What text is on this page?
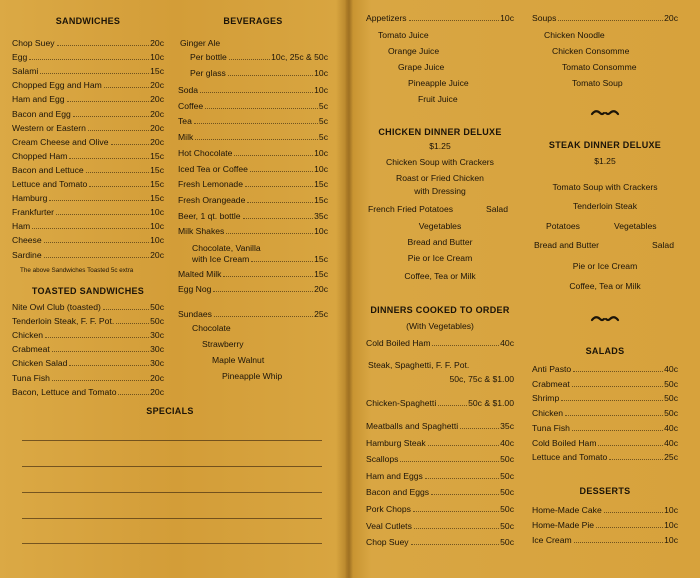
SANDWICHES
Chop Suey	20c
Egg	10c
Salami	15c
Chopped Egg and Ham	20c
Ham and Egg	20c
Bacon and Egg	20c
Western or Eastern	20c
Cream Cheese and Olive	20c
Chopped Ham	15c
Bacon and Lettuce	15c
Lettuce and Tomato	15c
Hamburg	15c
Frankfurter	10c
Ham	10c
Cheese	10c
Sardine	20c
The above Sandwiches Toasted 5c extra
TOASTED SANDWICHES
Nite Owl Club (toasted)	50c
Tenderloin Steak, F. F. Pot.	50c
Chicken	30c
Crabmeat	30c
Chicken Salad	30c
Tuna Fish	20c
Bacon, Lettuce and Tomato	20c
SPECIALS
BEVERAGES
Ginger Ale
Per bottle	10c, 25c & 50c
Per glass	10c
Soda	10c
Coffee	5c
Tea	5c
Milk	5c
Hot Chocolate	10c
Iced Tea or Coffee	10c
Fresh Lemonade	15c
Fresh Orangeade	15c
Beer, 1 qt. bottle	35c
Milk Shakes	10c
Chocolate, Vanilla
with Ice Cream	15c
Malted Milk	15c
Egg Nog	20c
Sundaes	25c
Chocolate
Strawberry
Maple Walnut
Pineapple Whip
Appetizers	10c
Tomato Juice
Orange Juice
Grape Juice
Pineapple Juice
Fruit Juice
CHICKEN DINNER DELUXE
$1.25
Chicken Soup with Crackers
Roast or Fried Chicken
with Dressing
French Fried Potatoes	Salad
Vegetables
Bread and Butter
Pie or Ice Cream
Coffee, Tea or Milk
DINNERS COOKED TO ORDER
(With Vegetables)
Cold Boiled Ham	40c
Steak, Spaghetti, F. F. Pot.
50c, 75c & $1.00
Chicken-Spaghetti	50c & $1.00
Meatballs and Spaghetti	35c
Hamburg Steak	40c
Scallops	50c
Ham and Eggs	50c
Bacon and Eggs	50c
Pork Chops	50c
Veal Cutlets	50c
Chop Suey	50c
Soups	20c
Chicken Noodle
Chicken Consomme
Tomato Consomme
Tomato Soup
STEAK DINNER DELUXE
$1.25
Tomato Soup with Crackers
Tenderloin Steak
Potatoes	Vegetables
Bread and Butter	Salad
Pie or Ice Cream
Coffee, Tea or Milk
SALADS
Anti Pasto	40c
Crabmeat	50c
Shrimp	50c
Chicken	50c
Tuna Fish	40c
Cold Boiled Ham	40c
Lettuce and Tomato	25c
DESSERTS
Home-Made Cake	10c
Home-Made Pie	10c
Ice Cream	10c
